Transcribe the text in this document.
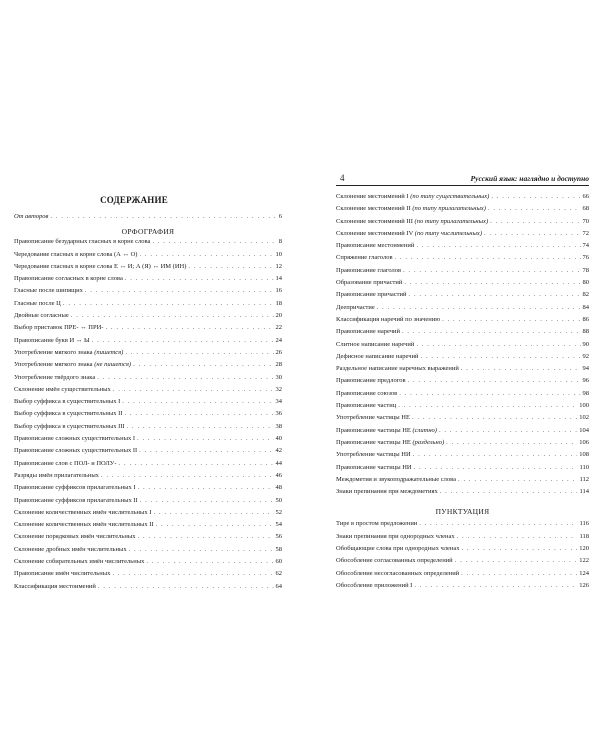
4	Русский язык: наглядно и доступно
СОДЕРЖАНИЕ
От авторов . . .	6
ОРФОГРАФИЯ
Правописание безударных гласных в корне слова . . .	8
Чередование гласных в корне слова (А ↔ О) . . .	10
Чередование гласных в корне слова Е ↔ И; А (Я) ↔ ИМ (ИН) . . .	12
Правописание согласных в корне слова . . .	14
Гласные после шипящих . . .	16
Гласные после Ц . . .	18
Двойные согласные . . .	20
Выбор приставок ПРЕ- ↔ ПРИ- . . .	22
Правописание букв И ↔ Ы . . .	24
Употребление мягкого знака (пишется) . . .	26
Употребление мягкого знака (не пишется) . . .	28
Употребление твёрдого знака . . .	30
Склонение имён существительных . . .	32
Выбор суффикса в существительных I . . .	34
Выбор суффикса в существительных II . . .	36
Выбор суффикса в существительных III . . .	38
Правописание сложных существительных I . . .	40
Правописание сложных существительных II . . .	42
Правописание слов с ПОЛ- и ПОЛУ- . . .	44
Разряды имён прилагательных . . .	46
Правописание суффиксов прилагательных I . . .	48
Правописание суффиксов прилагательных II . . .	50
Склонение количественных имён числительных I . . .	52
Склонение количественных имён числительных II . . .	54
Склонение порядковых имён числительных . . .	56
Склонение дробных имён числительных . . .	58
Склонение собирательных имён числительных . . .	60
Правописание имён числительных . . .	62
Классификация местоимений . . .	64
Склонение местоимений I (по типу существительных) . . .	66
Склонение местоимений II (по типу прилагательных) . . .	68
Склонение местоимений III (по типу прилагательных) . . .	70
Склонение местоимений IV (по типу числительных) . . .	72
Правописание местоимений . . .	74
Спряжение глаголов . . .	76
Правописание глаголов . . .	78
Образование причастий . . .	80
Правописание причастий . . .	82
Деепричастие . . .	84
Классификация наречий по значению . . .	86
Правописание наречий . . .	88
Слитное написание наречий . . .	90
Дефисное написание наречий . . .	92
Раздельное написание наречных выражений . . .	94
Правописание предлогов . . .	96
Правописание союзов . . .	98
Правописание частиц . . .	100
Употребление частицы НЕ . . .	102
Правописание частицы НЕ (слитно) . . .	104
Правописание частицы НЕ (раздельно) . . .	106
Употребление частицы НИ . . .	108
Правописание частицы НИ . . .	110
Междометия и звукоподражательные слова . . .	112
Знаки препинания при междометиях . . .	114
ПУНКТУАЦИЯ
Тире в простом предложении . . .	116
Знаки препинания при однородных членах . . .	118
Обобщающие слова при однородных членах . . .	120
Обособление согласованных определений . . .	122
Обособление несогласованных определений . . .	124
Обособление приложений I . . .	126
